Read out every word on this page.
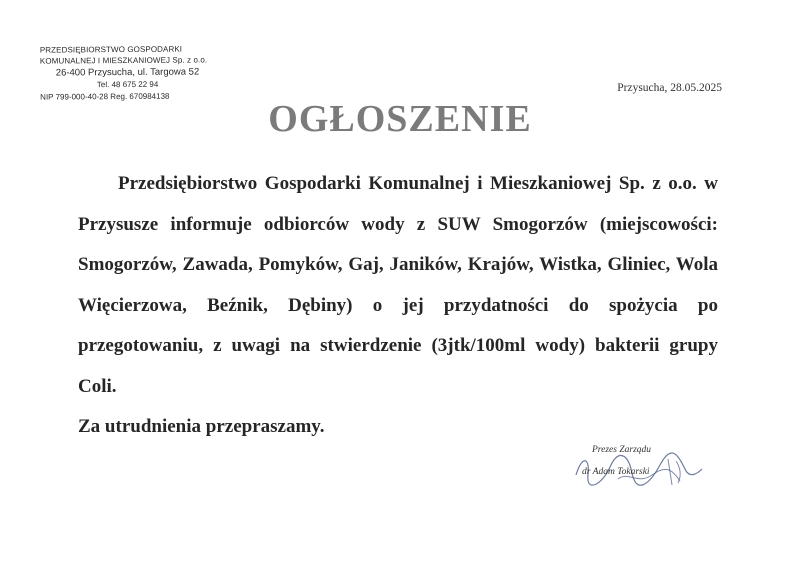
PRZEDSIĘBIORSTWO GOSPODARKI
KOMUNALNEJ I MIESZKANIOWEJ Sp. z o.o.
26-400 Przysucha, ul. Targowa 52
Tel. 48 675 22 94
NIP 799-000-40-28 Reg. 670984138
Przysucha, 28.05.2025
OGŁOSZENIE
Przedsiębiorstwo Gospodarki Komunalnej i Mieszkaniowej Sp. z o.o. w Przysusze informuje odbiorców wody z SUW Smogorzów (miejscowości: Smogorzów, Zawada, Pomyków, Gaj, Janików, Krajów, Wistka, Gliniec, Wola Więcierzowa, Beźnik, Dębiny) o jej przydatności do spożycia po przegotowaniu, z uwagi na stwierdzenie (3jtk/100ml wody) bakterii grupy Coli.
Za utrudnienia przepraszamy.
Prezes Zarządu
dr Adam Tokarski
